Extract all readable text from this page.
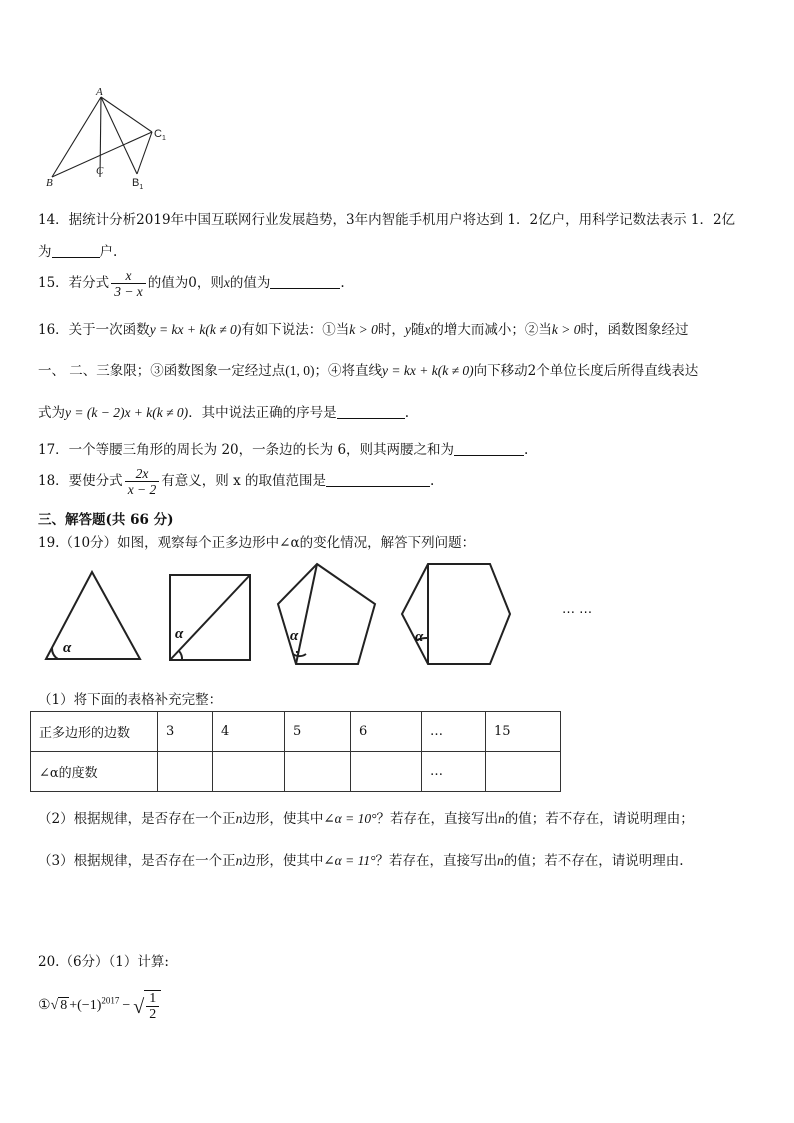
A
B
C
$C_1$
$B_1$
14．据统计分析2019年中国互联网行业发展趋势，3年内智能手机用户将达到 1．2亿户，用科学记数法表示 1．2亿
为	户.
15．若分式 $\frac{x}{3 - x}$ 的值为0，则x的值为	.
16．关于一次函数y = kx + k(k ≠ 0)有如下说法：①当k > 0时，y随x的增大而减小；②当k > 0时，函数图象经过
一、 二、三象限；③函数图象一定经过点(1, 0)；④将直线y = kx + k(k ≠ 0)向下移动2个单位长度后所得直线表达
式为y = (k − 2)x + k(k ≠ 0)．其中说法正确的序号是	.
17．一个等腰三角形的周长为 20，一条边的长为 6，则其两腰之和为	.
18．要使分式 $\frac{2x}{x - 2}$ 有意义，则 x 的取值范围是	.
三、解答题(共 66 分)
19.（10分）如图，观察每个正多边形中∠α的变化情况，解答下列问题：
α
α	α	α
… …
（1）将下面的表格补充完整：
正多边形的边数	3	4	5	6	…	15
∠α的度数					…	
（2）根据规律，是否存在一个正n边形，使其中∠α = 10°？若存在，直接写出n的值；若不存在，请说明理由；
（3）根据规律，是否存在一个正n边形，使其中∠α = 11°？若存在，直接写出n的值；若不存在，请说明理由.
20.（6分）（1）计算:
①√ $8 +(-1)^{2017}$ − √ $\frac{1}{2}$
